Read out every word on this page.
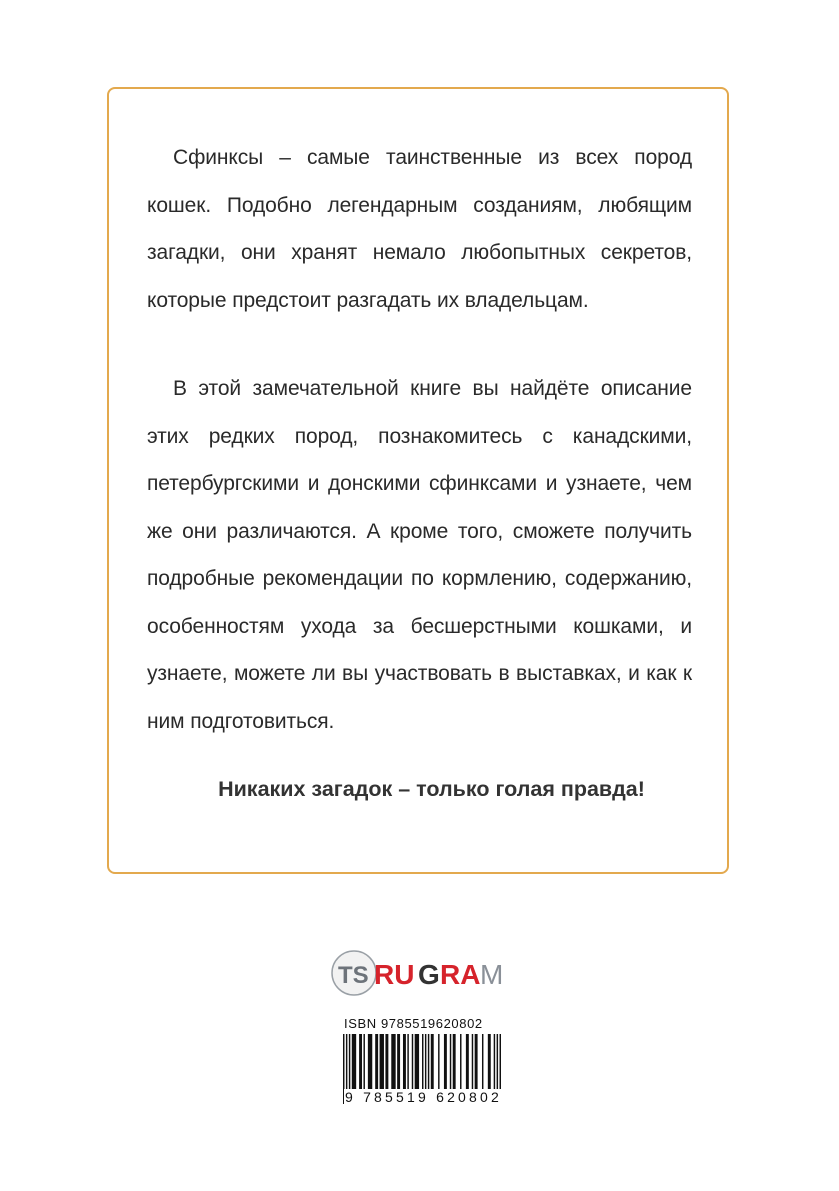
Сфинксы – самые таинственные из всех пород кошек. Подобно легендарным созданиям, любящим загадки, они хранят немало любопытных секретов, которые предстоит разгадать их владельцам.

В этой замечательной книге вы найдёте описание этих редких пород, познакомитесь с канадскими, петербургскими и донскими сфинксами и узнаете, чем же они различаются. А кроме того, сможете получить подробные рекомендации по кормлению, содержанию, особенностям ухода за бесшерстными кошками, и узнаете, можете ли вы участвовать в выставках, и как к ним подготовиться.

Никаких загадок – только голая правда!
TS RU G RA M
ISBN 9785519620802
9 785519 620802
